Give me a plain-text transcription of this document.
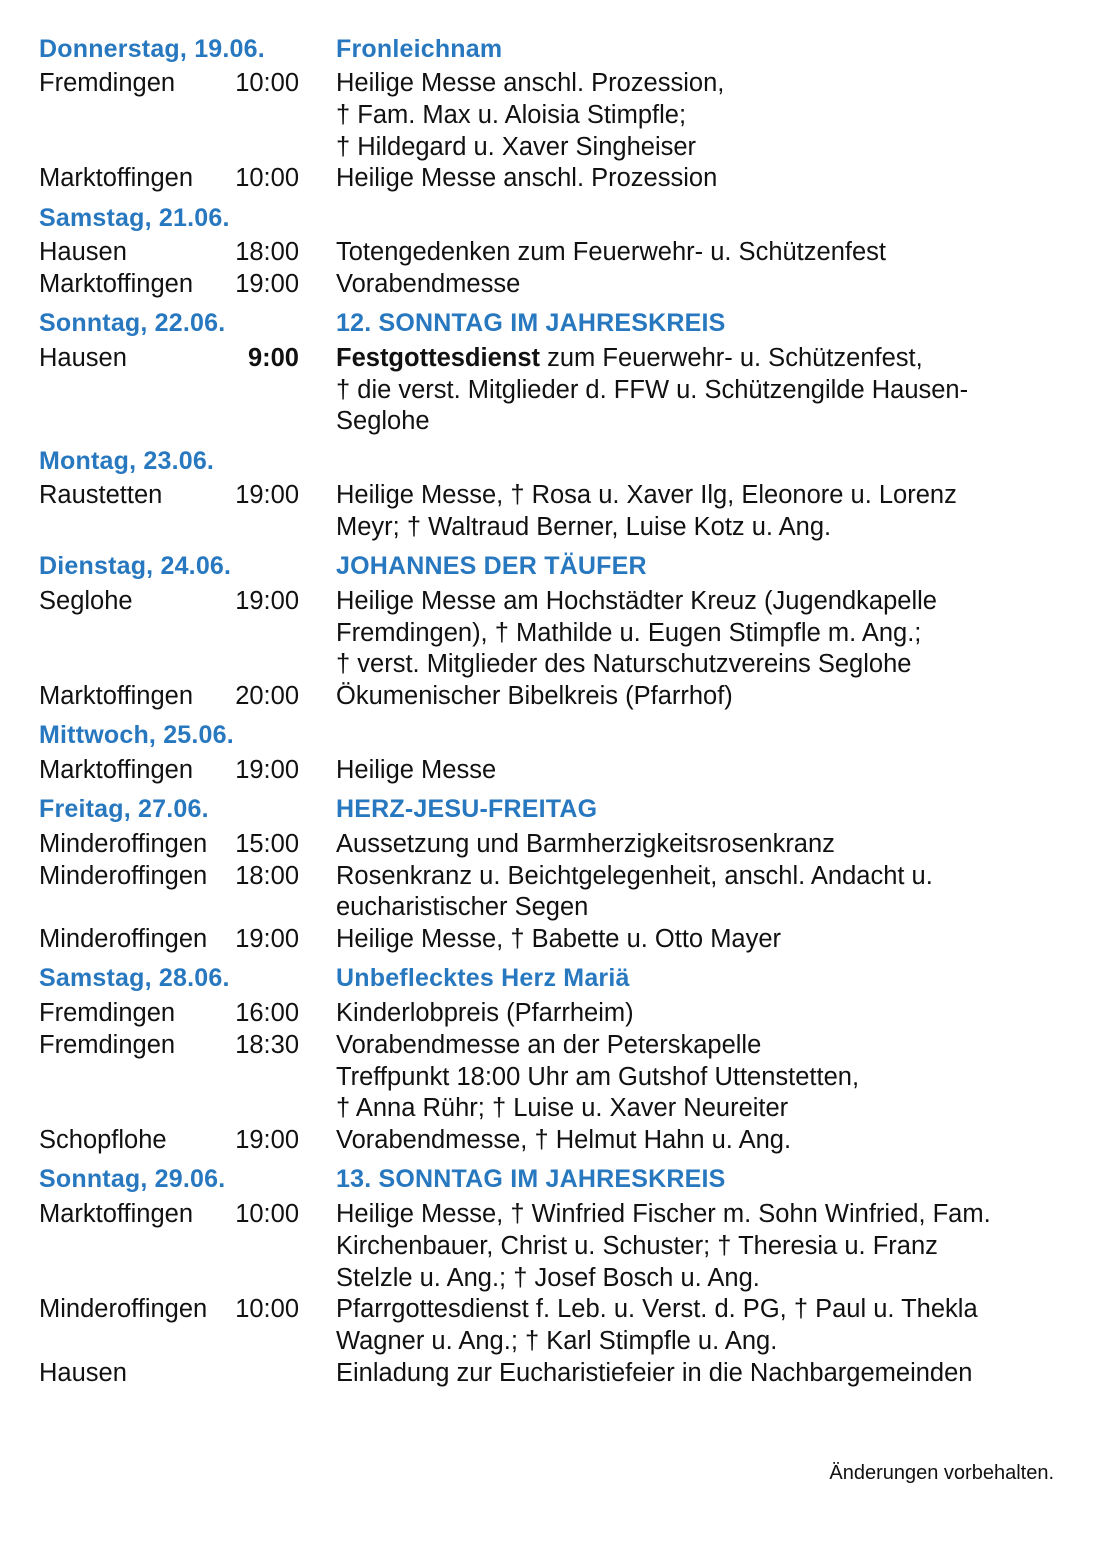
Donnerstag, 19.06.	Fronleichnam
Fremdingen	10:00 Heilige Messe anschl. Prozession,
† Fam. Max u. Aloisia Stimpfle;
† Hildegard u. Xaver Singheiser
Marktoffingen	10:00 Heilige Messe anschl. Prozession
Samstag, 21.06.
Hausen	18:00 Totengedenken zum Feuerwehr- u. Schützenfest
Marktoffingen	19:00 Vorabendmesse
Sonntag, 22.06.	12. SONNTAG IM JAHRESKREIS
Hausen	9:00 Festgottesdienst zum Feuerwehr- u. Schützenfest,
† die verst. Mitglieder d. FFW u. Schützengilde Hausen-
Seglohe
Montag, 23.06.
Raustetten	19:00 Heilige Messe, † Rosa u. Xaver Ilg, Eleonore u. Lorenz
Meyr; † Waltraud Berner, Luise Kotz u. Ang.
Dienstag, 24.06.	JOHANNES DER TÄUFER
Seglohe	19:00 Heilige Messe am Hochstädter Kreuz (Jugendkapelle
Fremdingen), † Mathilde u. Eugen Stimpfle m. Ang.;
† verst. Mitglieder des Naturschutzvereins Seglohe
Marktoffingen	20:00 Ökumenischer Bibelkreis (Pfarrhof)
Mittwoch, 25.06.
Marktoffingen	19:00 Heilige Messe
Freitag, 27.06.	HERZ-JESU-FREITAG
Minderoffingen	15:00 Aussetzung und Barmherzigkeitsrosenkranz
Minderoffingen	18:00 Rosenkranz u. Beichtgelegenheit, anschl. Andacht u.
eucharistischer Segen
Minderoffingen	19:00 Heilige Messe, † Babette u. Otto Mayer
Samstag, 28.06.	Unbeflecktes Herz Mariä
Fremdingen	16:00 Kinderlobpreis (Pfarrheim)
Fremdingen	18:30 Vorabendmesse an der Peterskapelle
Treffpunkt 18:00 Uhr am Gutshof Uttenstetten,
† Anna Rühr; † Luise u. Xaver Neureiter
Schopflohe	19:00 Vorabendmesse, † Helmut Hahn u. Ang.
Sonntag, 29.06.	13. SONNTAG IM JAHRESKREIS
Marktoffingen	10:00 Heilige Messe, † Winfried Fischer m. Sohn Winfried, Fam.
Kirchenbauer, Christ u. Schuster; † Theresia u. Franz
Stelzle u. Ang.; † Josef Bosch u. Ang.
Minderoffingen	10:00 Pfarrgottesdienst f. Leb. u. Verst. d. PG, † Paul u. Thekla
Wagner u. Ang.; † Karl Stimpfle u. Ang.
Hausen	Einladung zur Eucharistiefeier in die Nachbargemeinden
Änderungen vorbehalten.
